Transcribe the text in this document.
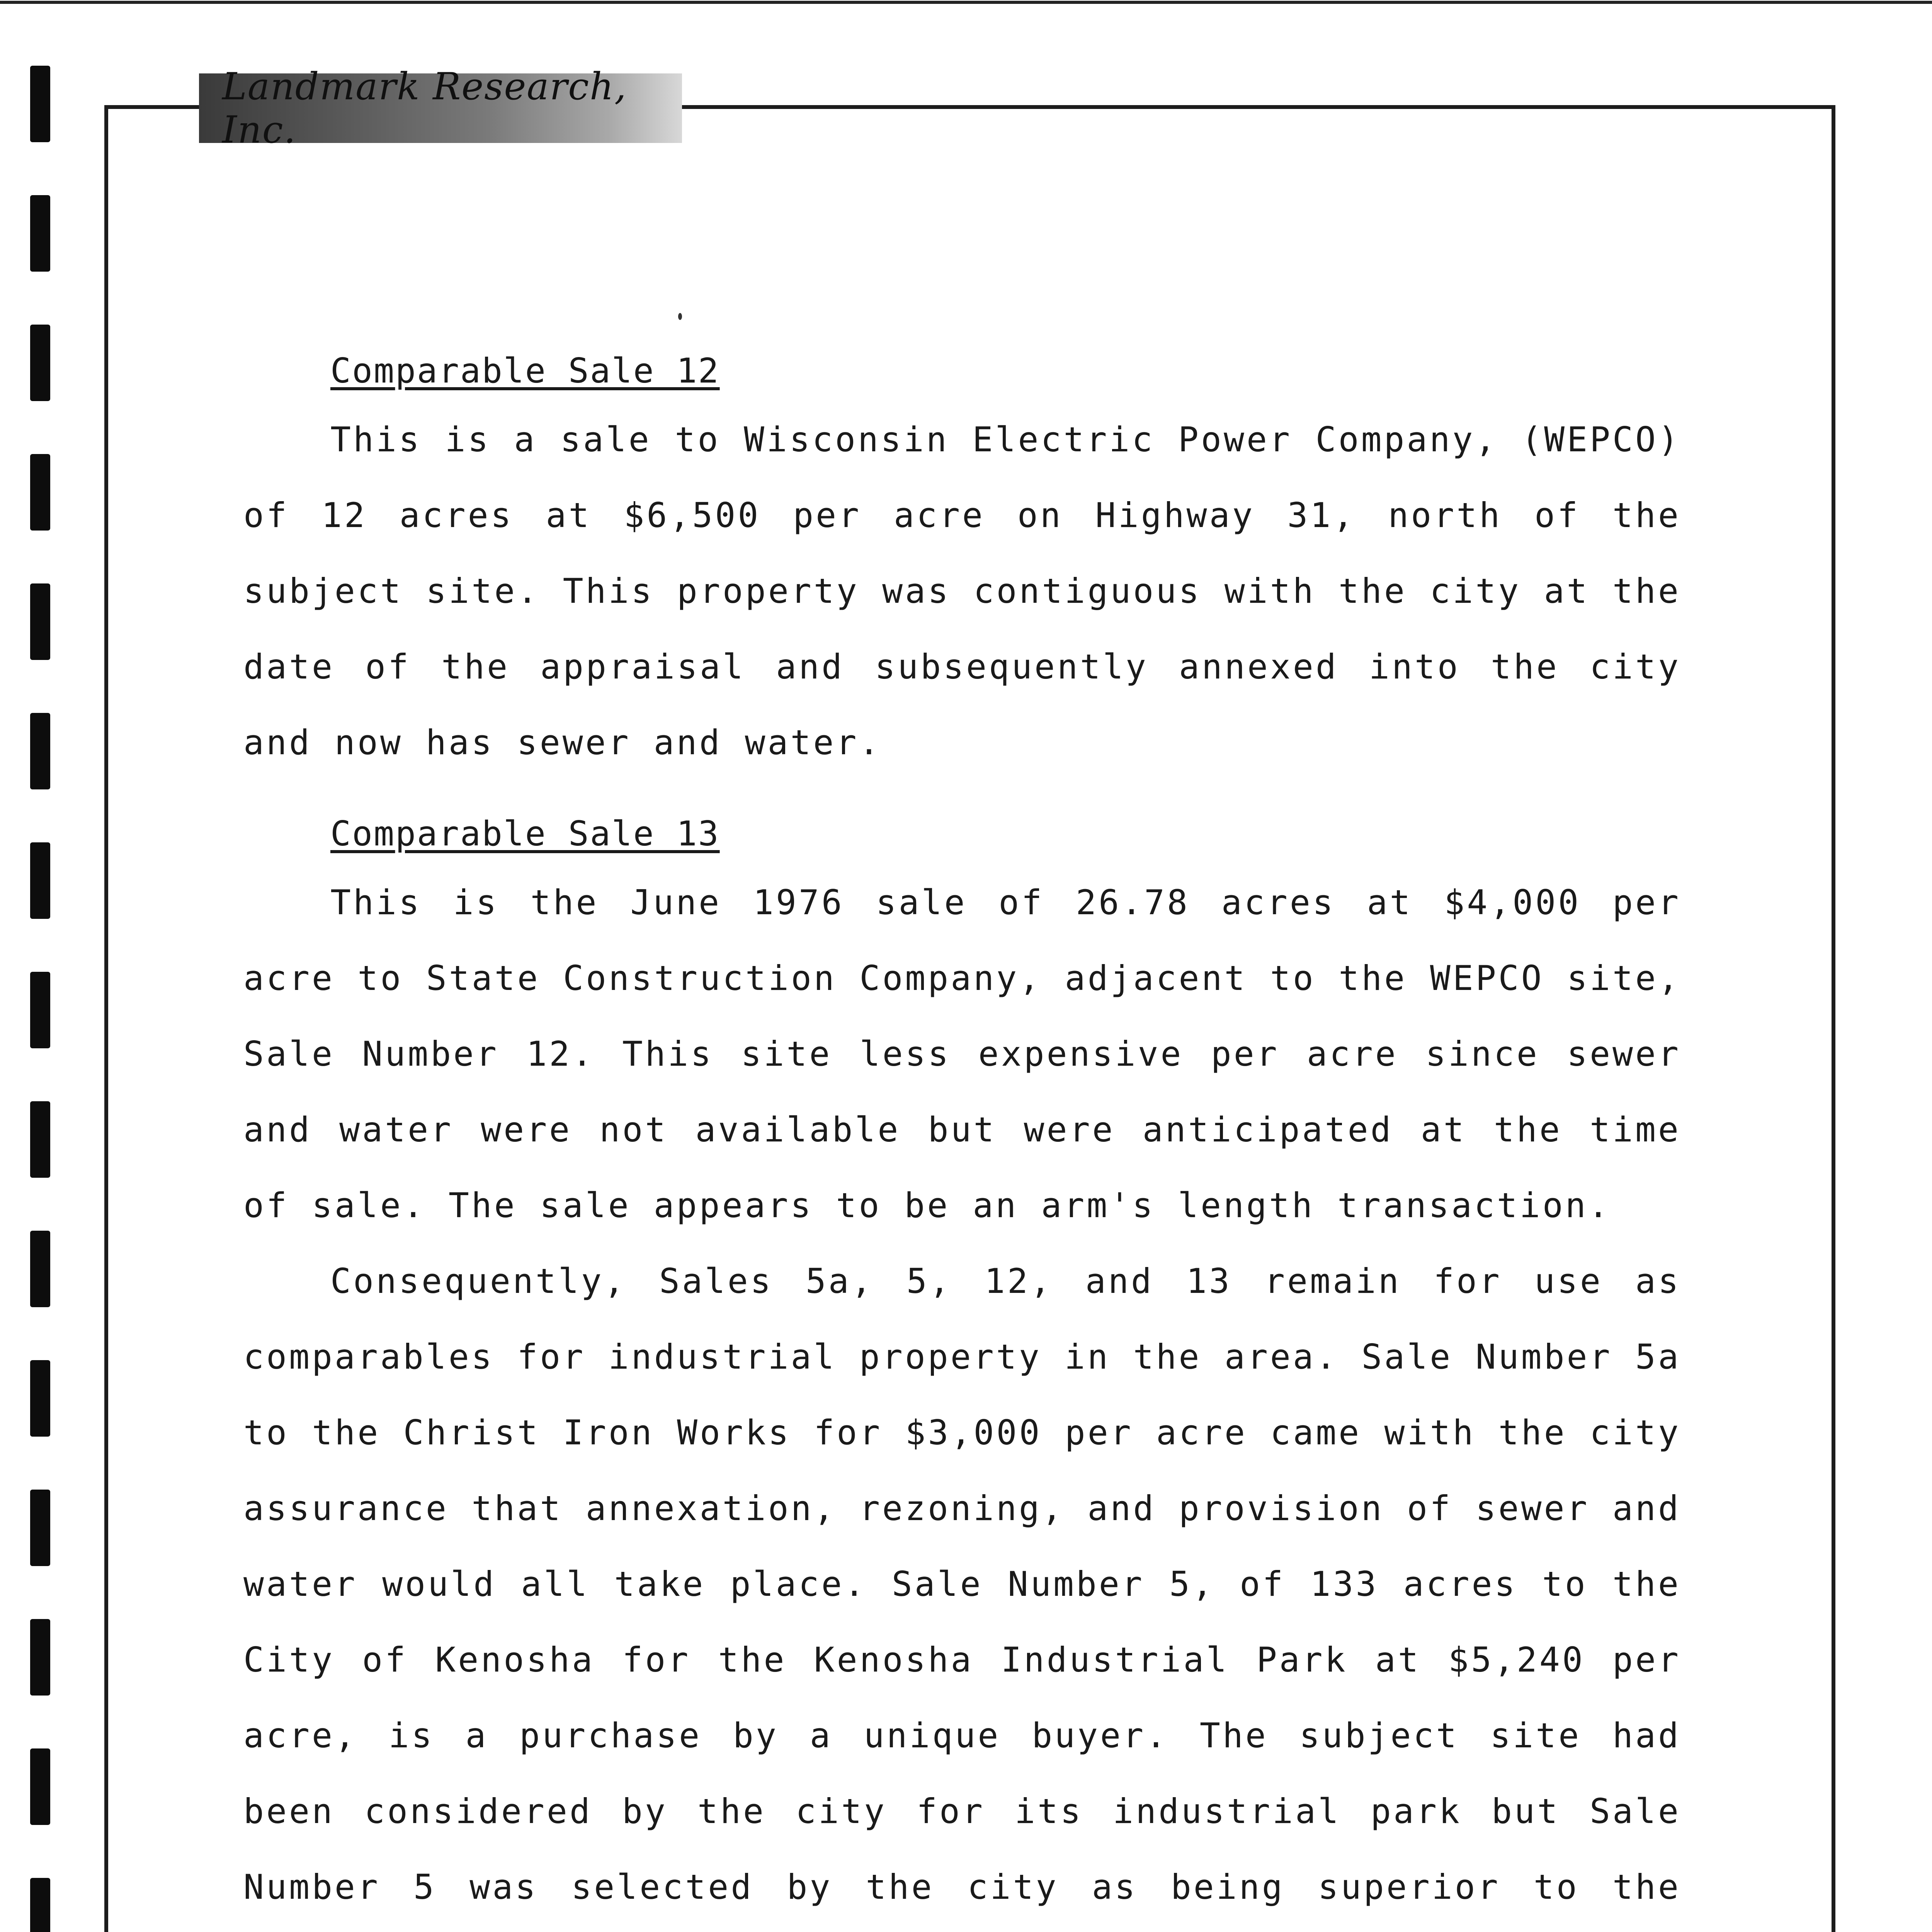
Landmark Research, Inc.
Comparable Sale 12

This is a sale to Wisconsin Electric Power Company, (WEPCO) of 12 acres at $6,500 per acre on Highway 31, north of the subject site. This property was contiguous with the city at the date of the appraisal and subsequently annexed into the city and now has sewer and water.

Comparable Sale 13

This is the June 1976 sale of 26.78 acres at $4,000 per acre to State Construction Company, adjacent to the WEPCO site, Sale Number 12. This site less expensive per acre since sewer and water were not available but were anticipated at the time of sale. The sale appears to be an arm's length transaction.

Consequently, Sales 5a, 5, 12, and 13 remain for use as comparables for industrial property in the area. Sale Number 5a to the Christ Iron Works for $3,000 per acre came with the city assurance that annexation, rezoning, and provision of sewer and water would all take place. Sale Number 5, of 133 acres to the City of Kenosha for the Kenosha Industrial Park at $5,240 per acre, is a purchase by a unique buyer. The subject site had been considered by the city for its industrial park but Sale Number 5 was selected by the city as being superior to the
